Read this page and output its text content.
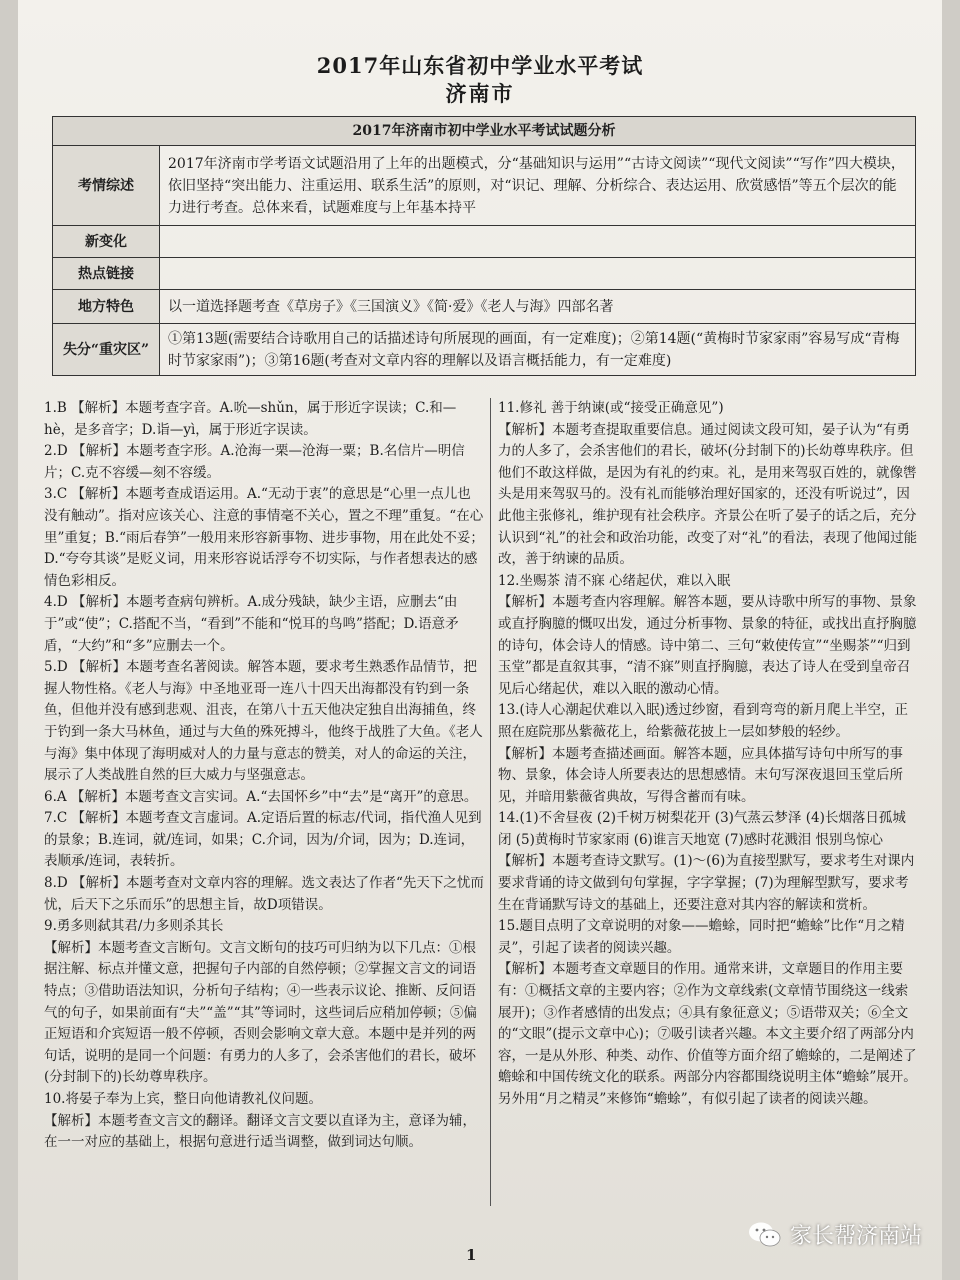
2017年山东省初中学业水平考试
济南市
2017年济南市初中学业水平考试试题分析	
考情综述	2017年济南市学考语文试题沿用了上年的出题模式，分“基础知识与运用”“古诗文阅读”“现代文阅读”“写作”四大模块，依旧坚持“突出能力、注重运用、联系生活”的原则，对“识记、理解、分析综合、表达运用、欣赏感悟”等五个层次的能力进行考查。总体来看，试题难度与上年基本持平
新变化	
热点链接	
地方特色	以一道选择题考查《草房子》《三国演义》《简·爱》《老人与海》四部名著
失分“重灾区”	①第13题(需要结合诗歌用自己的话描述诗句所展现的画面，有一定难度)；②第14题(“黄梅时节家家雨”容易写成“青梅时节家家雨”)；③第16题(考查对文章内容的理解以及语言概括能力，有一定难度)

1.B 【解析】本题考查字音。A.吮—shǔn，属于形近字误读；C.和—hè，是多音字；D.诣—yì，属于形近字误读。

2.D 【解析】本题考查字形。A.沧海一栗—沧海一粟；B.名信片—明信片；C.克不容缓—刻不容缓。

3.C 【解析】本题考查成语运用。A.“无动于衷”的意思是“心里一点儿也没有触动”。指对应该关心、注意的事情毫不关心，置之不理”重复。“在心里”重复；B.“雨后春笋”一般用来形容新事物、进步事物，用在此处不妥；D.“夸夸其谈”是贬义词，用来形容说话浮夸不切实际，与作者想表达的感情色彩相反。

4.D 【解析】本题考查病句辨析。A.成分残缺，缺少主语，应删去“由于”或“使”；C.搭配不当，“看到”不能和“悦耳的鸟鸣”搭配；D.语意矛盾，“大约”和“多”应删去一个。

5.D 【解析】本题考查名著阅读。解答本题，要求考生熟悉作品情节，把握人物性格。《老人与海》中圣地亚哥一连八十四天出海都没有钓到一条鱼，但他并没有感到悲观、沮丧，在第八十五天他决定独自出海捕鱼，终于钓到一条大马林鱼，通过与大鱼的殊死搏斗，他终于战胜了大鱼。《老人与海》集中体现了海明威对人的力量与意志的赞美，对人的命运的关注，展示了人类战胜自然的巨大威力与坚强意志。

6.A 【解析】本题考查文言实词。A.“去国怀乡”中“去”是“离开”的意思。

7.C 【解析】本题考查文言虚词。A.定语后置的标志/代词，指代渔人见到的景象；B.连词，就/连词，如果；C.介词，因为/介词，因为；D.连词，表顺承/连词，表转折。

8.D 【解析】本题考查对文章内容的理解。选文表达了作者“先天下之忧而忧，后天下之乐而乐”的思想主旨，故D项错误。

9.勇多则弑其君/力多则杀其长

【解析】本题考查文言断句。文言文断句的技巧可归纳为以下几点：①根据注解、标点并懂文意，把握句子内部的自然停顿；②掌握文言文的词语特点；③借助语法知识，分析句子结构；④一些表示议论、推断、反问语气的句子，如果前面有“夫”“盖”“其”等词时，这些词后应稍加停顿；⑤偏正短语和介宾短语一般不停顿，否则会影响文章大意。本题中是并列的两句话，说明的是同一个问题：有勇力的人多了，会杀害他们的君长，破坏(分封制下的)长幼尊卑秩序。

10.将晏子奉为上宾，整日向他请教礼仪问题。

【解析】本题考查文言文的翻译。翻译文言文要以直译为主，意译为辅，在一一对应的基础上，根据句意进行适当调整，做到词达句顺。

11.修礼 善于纳谏(或“接受正确意见”)

【解析】本题考查提取重要信息。通过阅读文段可知，晏子认为“有勇力的人多了，会杀害他们的君长，破坏(分封制下的)长幼尊卑秩序。但他们不敢这样做，是因为有礼的约束。礼，是用来驾驭百姓的，就像辔头是用来驾驭马的。没有礼而能够治理好国家的，还没有听说过”，因此他主张修礼，维护现有社会秩序。齐景公在听了晏子的话之后，充分认识到“礼”的社会和政治功能，改变了对“礼”的看法，表现了他闻过能改，善于纳谏的品质。

12.坐赐茶 清不寐 心绪起伏，难以入眠

【解析】本题考查内容理解。解答本题，要从诗歌中所写的事物、景象或直抒胸臆的慨叹出发，通过分析事物、景象的特征，或找出直抒胸臆的诗句，体会诗人的情感。诗中第二、三句“敕使传宣”“坐赐茶”“归到玉堂”都是直叙其事，“清不寐”则直抒胸臆，表达了诗人在受到皇帝召见后心绪起伏，难以入眠的激动心情。

13.(诗人心潮起伏难以入眠)透过纱窗，看到弯弯的新月爬上半空，正照在庭院那丛紫薇花上，给紫薇花披上一层如梦般的轻纱。

【解析】本题考查描述画面。解答本题，应具体描写诗句中所写的事物、景象，体会诗人所要表达的思想感情。末句写深夜退回玉堂后所见，并暗用紫薇省典故，写得含蓄而有味。

14.(1)不舍昼夜 (2)千树万树梨花开 (3)气蒸云梦泽 (4)长烟落日孤城闭 (5)黄梅时节家家雨 (6)谁言天地宽 (7)感时花溅泪 恨别鸟惊心

【解析】本题考查诗文默写。(1)～(6)为直接型默写，要求考生对课内要求背诵的诗文做到句句掌握，字字掌握；(7)为理解型默写，要求考生在背诵默写诗文的基础上，还要注意对其内容的解读和赏析。

15.题目点明了文章说明的对象——蟾蜍，同时把“蟾蜍”比作“月之精灵”，引起了读者的阅读兴趣。

【解析】本题考查文章题目的作用。通常来讲，文章题目的作用主要有：①概括文章的主要内容；②作为文章线索(文章情节围绕这一线索展开)；③作者感情的出发点；④具有象征意义；⑤语带双关；⑥全文的“文眼”(提示文章中心)；⑦吸引读者兴趣。本文主要介绍了两部分内容，一是从外形、种类、动作、价值等方面介绍了蟾蜍的，二是阐述了蟾蜍和中国传统文化的联系。两部分内容都围绕说明主体“蟾蜍”展开。另外用“月之精灵”来修饰“蟾蜍”，有似引起了读者的阅读兴趣。

1
家长帮济南站
